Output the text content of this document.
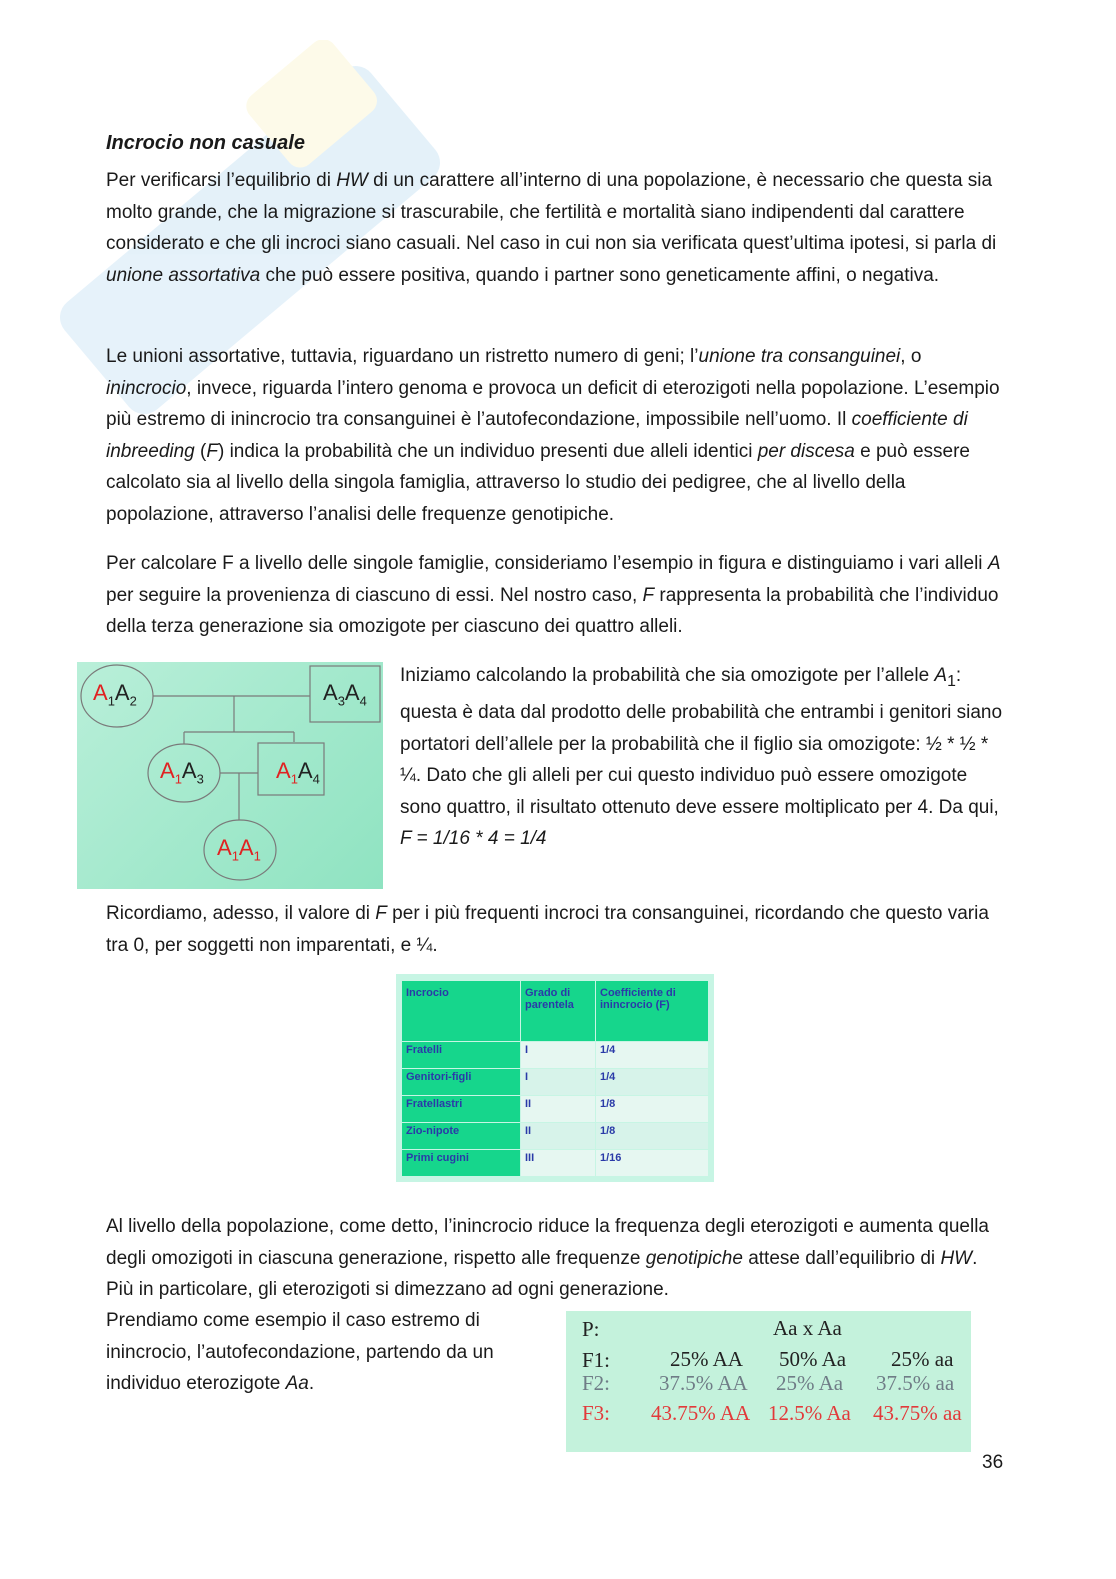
Incrocio non casuale

Per verificarsi l’equilibrio di HW di un carattere all’interno di una popolazione, è necessario che questa sia molto grande, che la migrazione si trascurabile, che fertilità e mortalità siano indipendenti dal carattere considerato e che gli incroci siano casuali. Nel caso in cui non sia verificata quest’ultima ipotesi, si parla di unione assortativa che può essere positiva, quando i partner sono geneticamente affini, o negativa.

Le unioni assortative, tuttavia, riguardano un ristretto numero di geni; l’unione tra consanguinei, o inincrocio, invece, riguarda l’intero genoma e provoca un deficit di eterozigoti nella popolazione. L’esempio più estremo di inincrocio tra consanguinei è l’autofecondazione, impossibile nell’uomo. Il coefficiente di inbreeding (F) indica la probabilità che un individuo presenti due alleli identici per discesa e può essere calcolato sia al livello della singola famiglia, attraverso lo studio dei pedigree, che al livello della popolazione, attraverso l’analisi delle frequenze genotipiche.

Per calcolare F a livello delle singole famiglie, consideriamo l’esempio in figura e distinguiamo i vari alleli A per seguire la provenienza di ciascuno di essi. Nel nostro caso, F rappresenta la probabilità che l’individuo della terza generazione sia omozigote per ciascuno dei quattro alleli.

$A_1A_2$	$A_3A_4$
$A_1A_3$	$A_1A_4$
$A_1A_1$

Iniziamo calcolando la probabilità che sia omozigote per l’allele $A_1$: questa è data dal prodotto delle probabilità che entrambi i genitori siano portatori dell’allele per la probabilità che il figlio sia omozigote: ½ * ½ * ¼. Dato che gli alleli per cui questo individuo può essere omozigote sono quattro, il risultato ottenuto deve essere moltiplicato per 4. Da qui, F = 1/16 * 4 = 1/4

Ricordiamo, adesso, il valore di F per i più frequenti incroci tra consanguinei, ricordando che questo varia tra 0, per soggetti non imparentati, e ¼.

Incrocio	Grado di parentela	Coefficiente di inincrocio (F)
Fratelli	I	1/4
Genitori-figli	I	1/4
Fratellastri	II	1/8
Zio-nipote	II	1/8
Primi cugini	III	1/16

Al livello della popolazione, come detto, l’inincrocio riduce la frequenza degli eterozigoti e aumenta quella degli omozigoti in ciascuna generazione, rispetto alle frequenze genotipiche attese dall’equilibrio di HW. Più in particolare, gli eterozigoti si dimezzano ad ogni generazione.

Prendiamo come esempio il caso estremo di inincrocio, l’autofecondazione, partendo da un individuo eterozigote Aa.

P:	Aa x Aa
F1:	25% AA 50% Aa 25% aa
F2: 37.5% AA 25% Aa 37.5% aa
F3: 43.75% AA 12.5% Aa 43.75% aa
36
